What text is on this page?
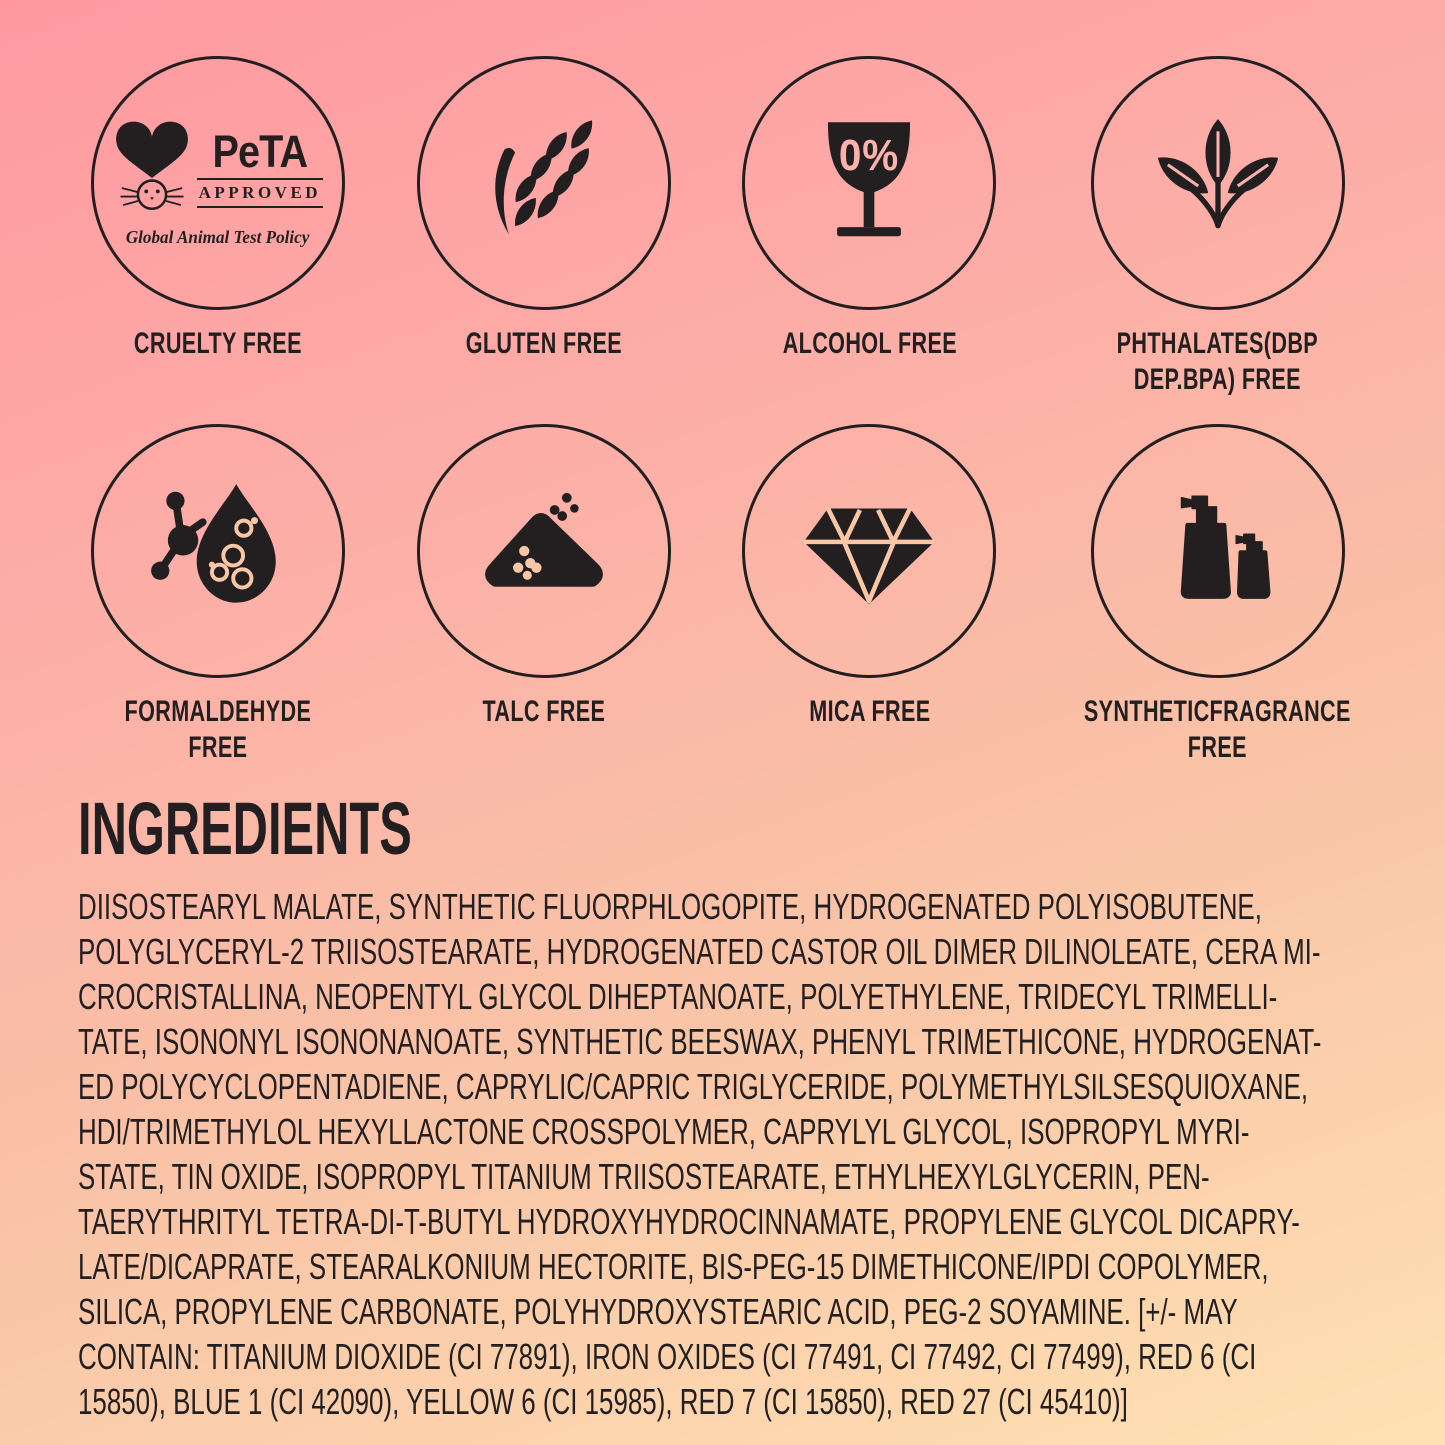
PeTA
APPROVED
Global Animal Test Policy
CRUELTY FREE	GLUTEN FREE
0%
ALCOHOL FREE	PHTHALATES(DBP
DEP.BPA) FREE
FORMALDEHYDE
FREE
TALC FREE	MICA FREE	SYNTHETICFRAGRANCE
FREE
INGREDIENTS
DIISOSTEARYL MALATE, SYNTHETIC FLUORPHLOGOPITE, HYDROGENATED POLYISOBUTENE,
POLYGLYCERYL-2 TRIISOSTEARATE, HYDROGENATED CASTOR OIL DIMER DILINOLEATE, CERA MI-
CROCRISTALLINA, NEOPENTYL GLYCOL DIHEPTANOATE, POLYETHYLENE, TRIDECYL TRIMELLI-
TATE, ISONONYL ISONONANOATE, SYNTHETIC BEESWAX, PHENYL TRIMETHICONE, HYDROGENAT-
ED POLYCYCLOPENTADIENE, CAPRYLIC/CAPRIC TRIGLYCERIDE, POLYMETHYLSILSESQUIOXANE,
HDI/TRIMETHYLOL HEXYLLACTONE CROSSPOLYMER, CAPRYLYL GLYCOL, ISOPROPYL MYRI-
STATE, TIN OXIDE, ISOPROPYL TITANIUM TRIISOSTEARATE, ETHYLHEXYLGLYCERIN, PEN-
TAERYTHRITYL TETRA-DI-T-BUTYL HYDROXYHYDROCINNAMATE, PROPYLENE GLYCOL DICAPRY-
LATE/DICAPRATE, STEARALKONIUM HECTORITE, BIS-PEG-15 DIMETHICONE/IPDI COPOLYMER,
SILICA, PROPYLENE CARBONATE, POLYHYDROXYSTEARIC ACID, PEG-2 SOYAMINE. [+/- MAY
CONTAIN: TITANIUM DIOXIDE (CI 77891), IRON OXIDES (CI 77491, CI 77492, CI 77499), RED 6 (CI
15850), BLUE 1 (CI 42090), YELLOW 6 (CI 15985), RED 7 (CI 15850), RED 27 (CI 45410)]
